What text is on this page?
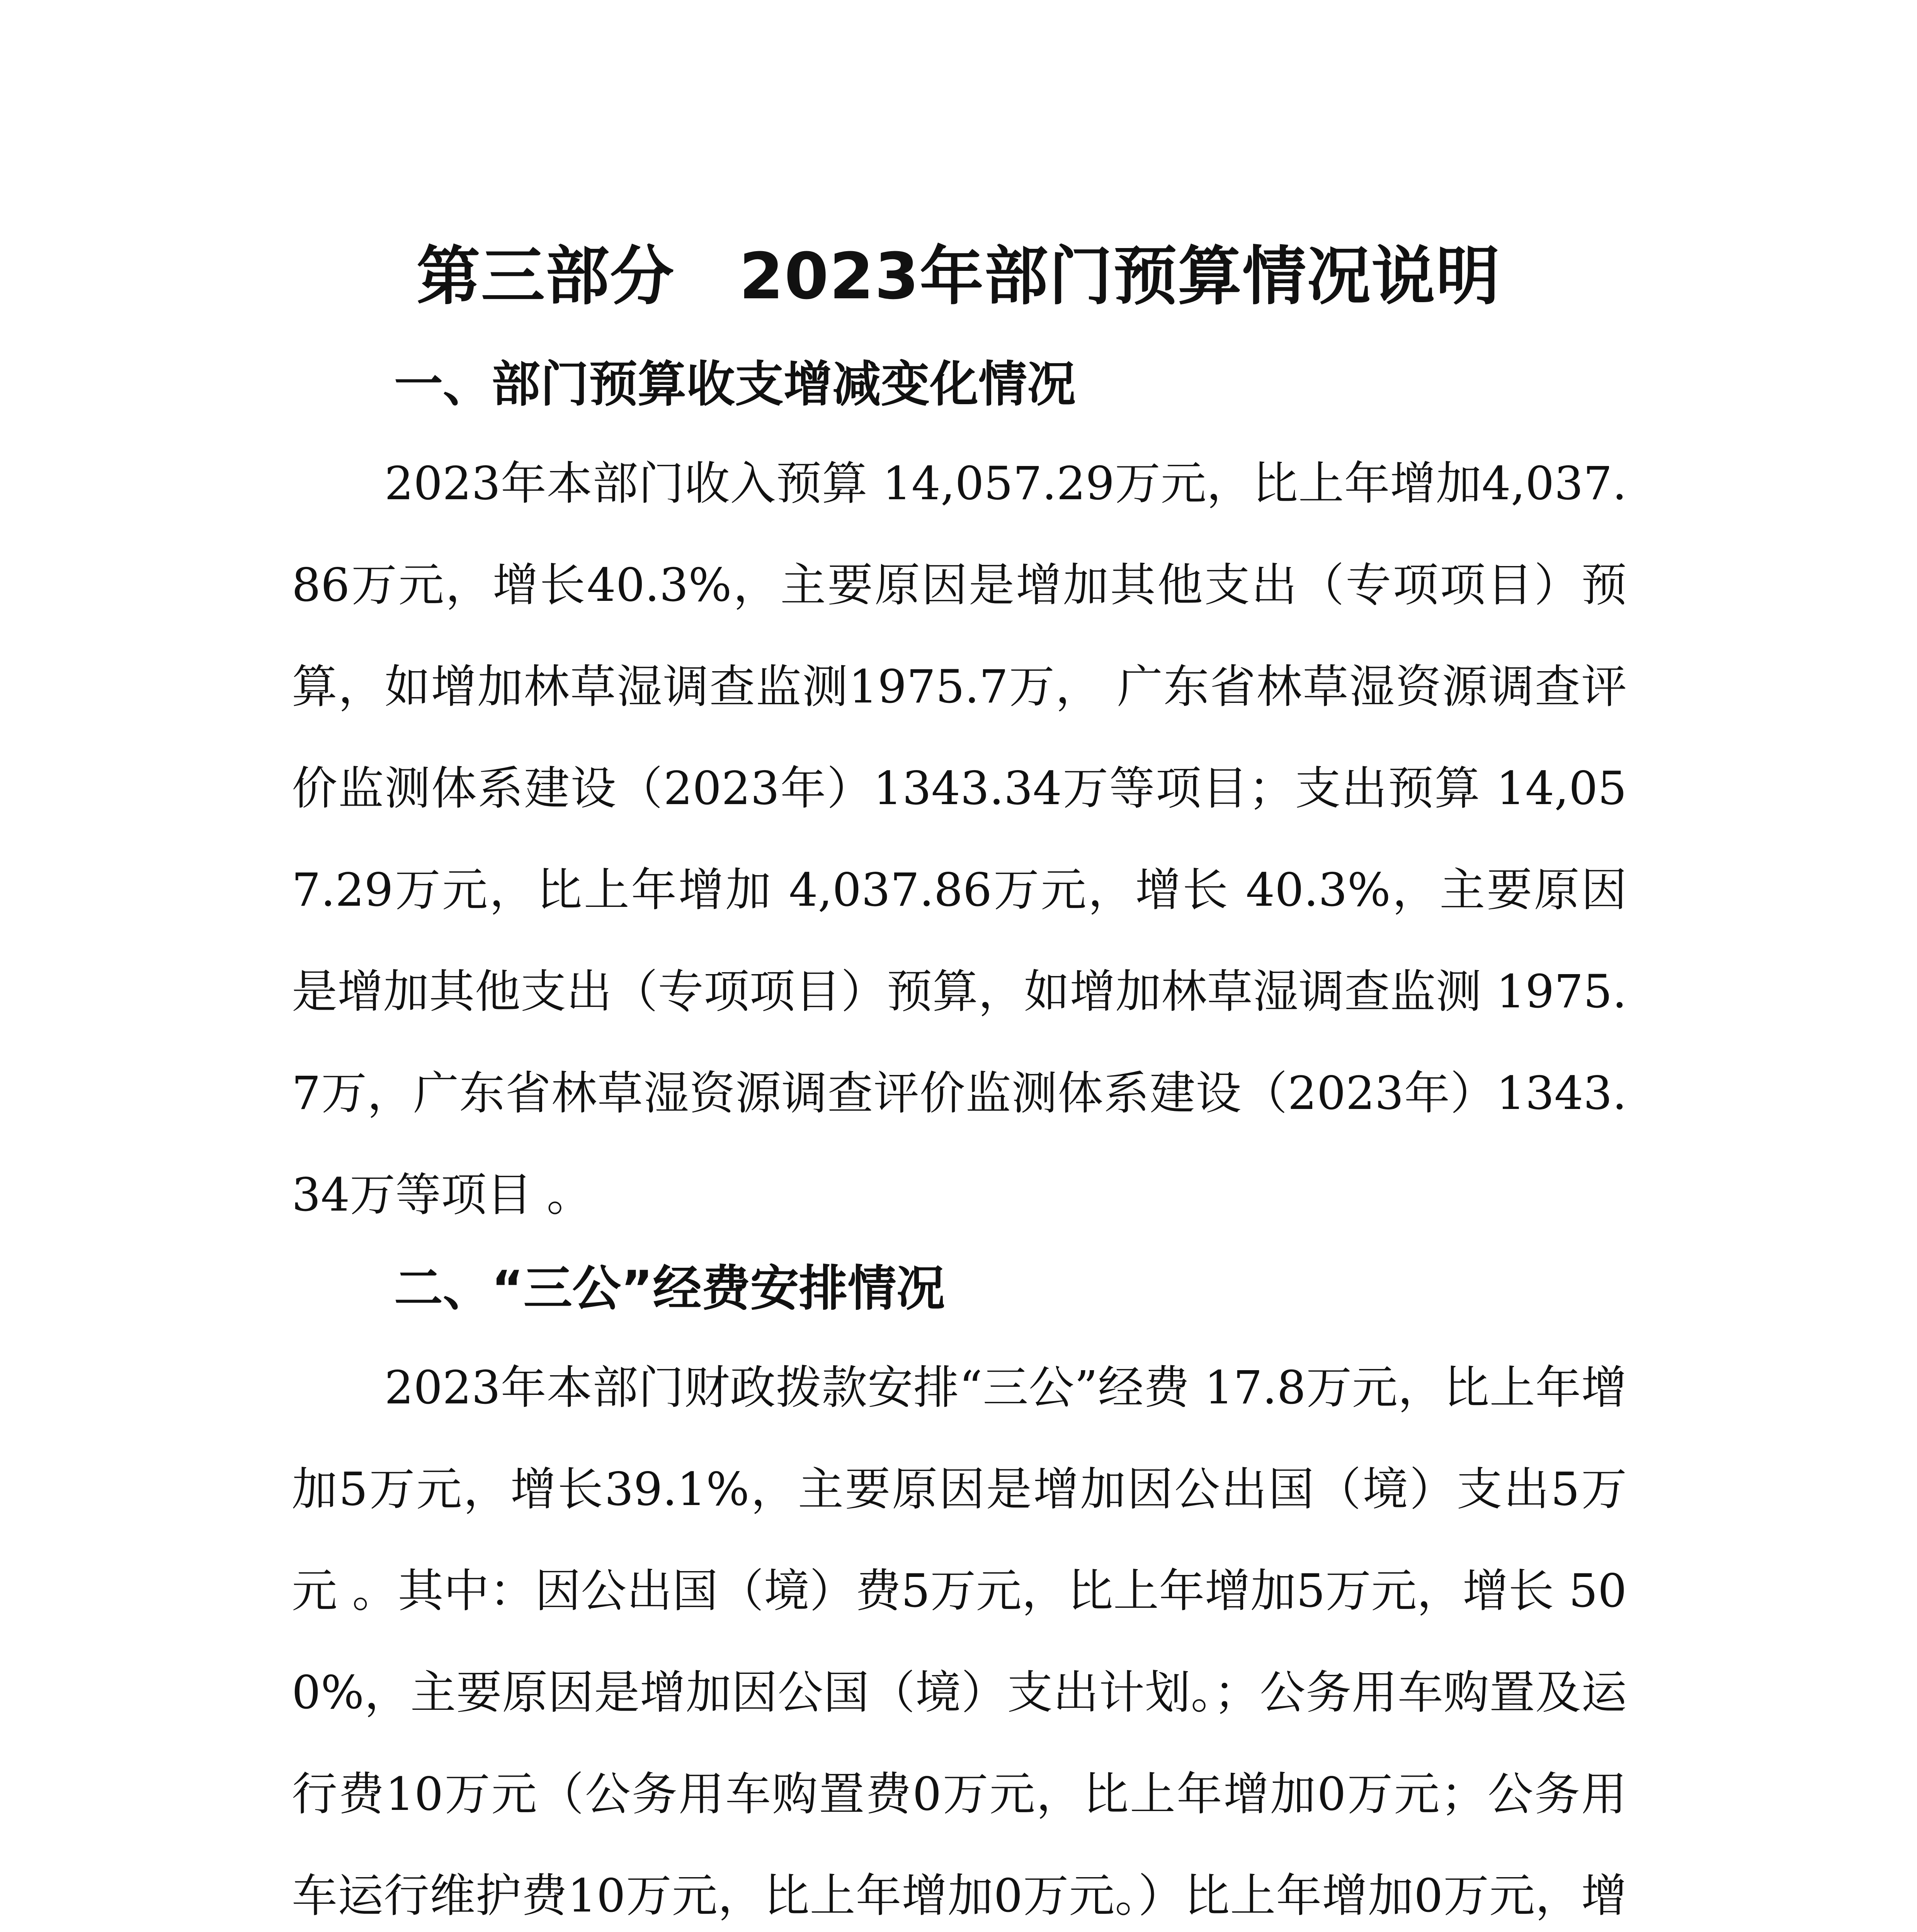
第三部分　2023年部门预算情况说明
一、部门预算收支增减变化情况

2023年本部门收入预算 14,057.29万元，比上年增加4,037.86万元，增长40.3%，主要原因是增加其他支出（专项项目）预算，如增加林草湿调查监测1975.7万， 广东省林草湿资源调查评价监测体系建设（2023年）1343.34万等项目；支出预算 14,057.29万元，比上年增加 4,037.86万元，增长 40.3%，主要原因是增加其他支出（专项项目）预算，如增加林草湿调查监测 1975.7万，广东省林草湿资源调查评价监测体系建设（2023年）1343.34万等项目 。

二、“三公”经费安排情况

2023年本部门财政拨款安排“三公”经费 17.8万元，比上年增加5万元，增长39.1%，主要原因是增加因公出国（境）支出5万元 。其中：因公出国（境）费5万元，比上年增加5万元，增长 500%，主要原因是增加因公国（境）支出计划。；公务用车购置及运行费10万元（公务用车购置费0万元，比上年增加0万元；公务用车运行维护费10万元，比上年增加0万元。）比上年增加0万元，增
